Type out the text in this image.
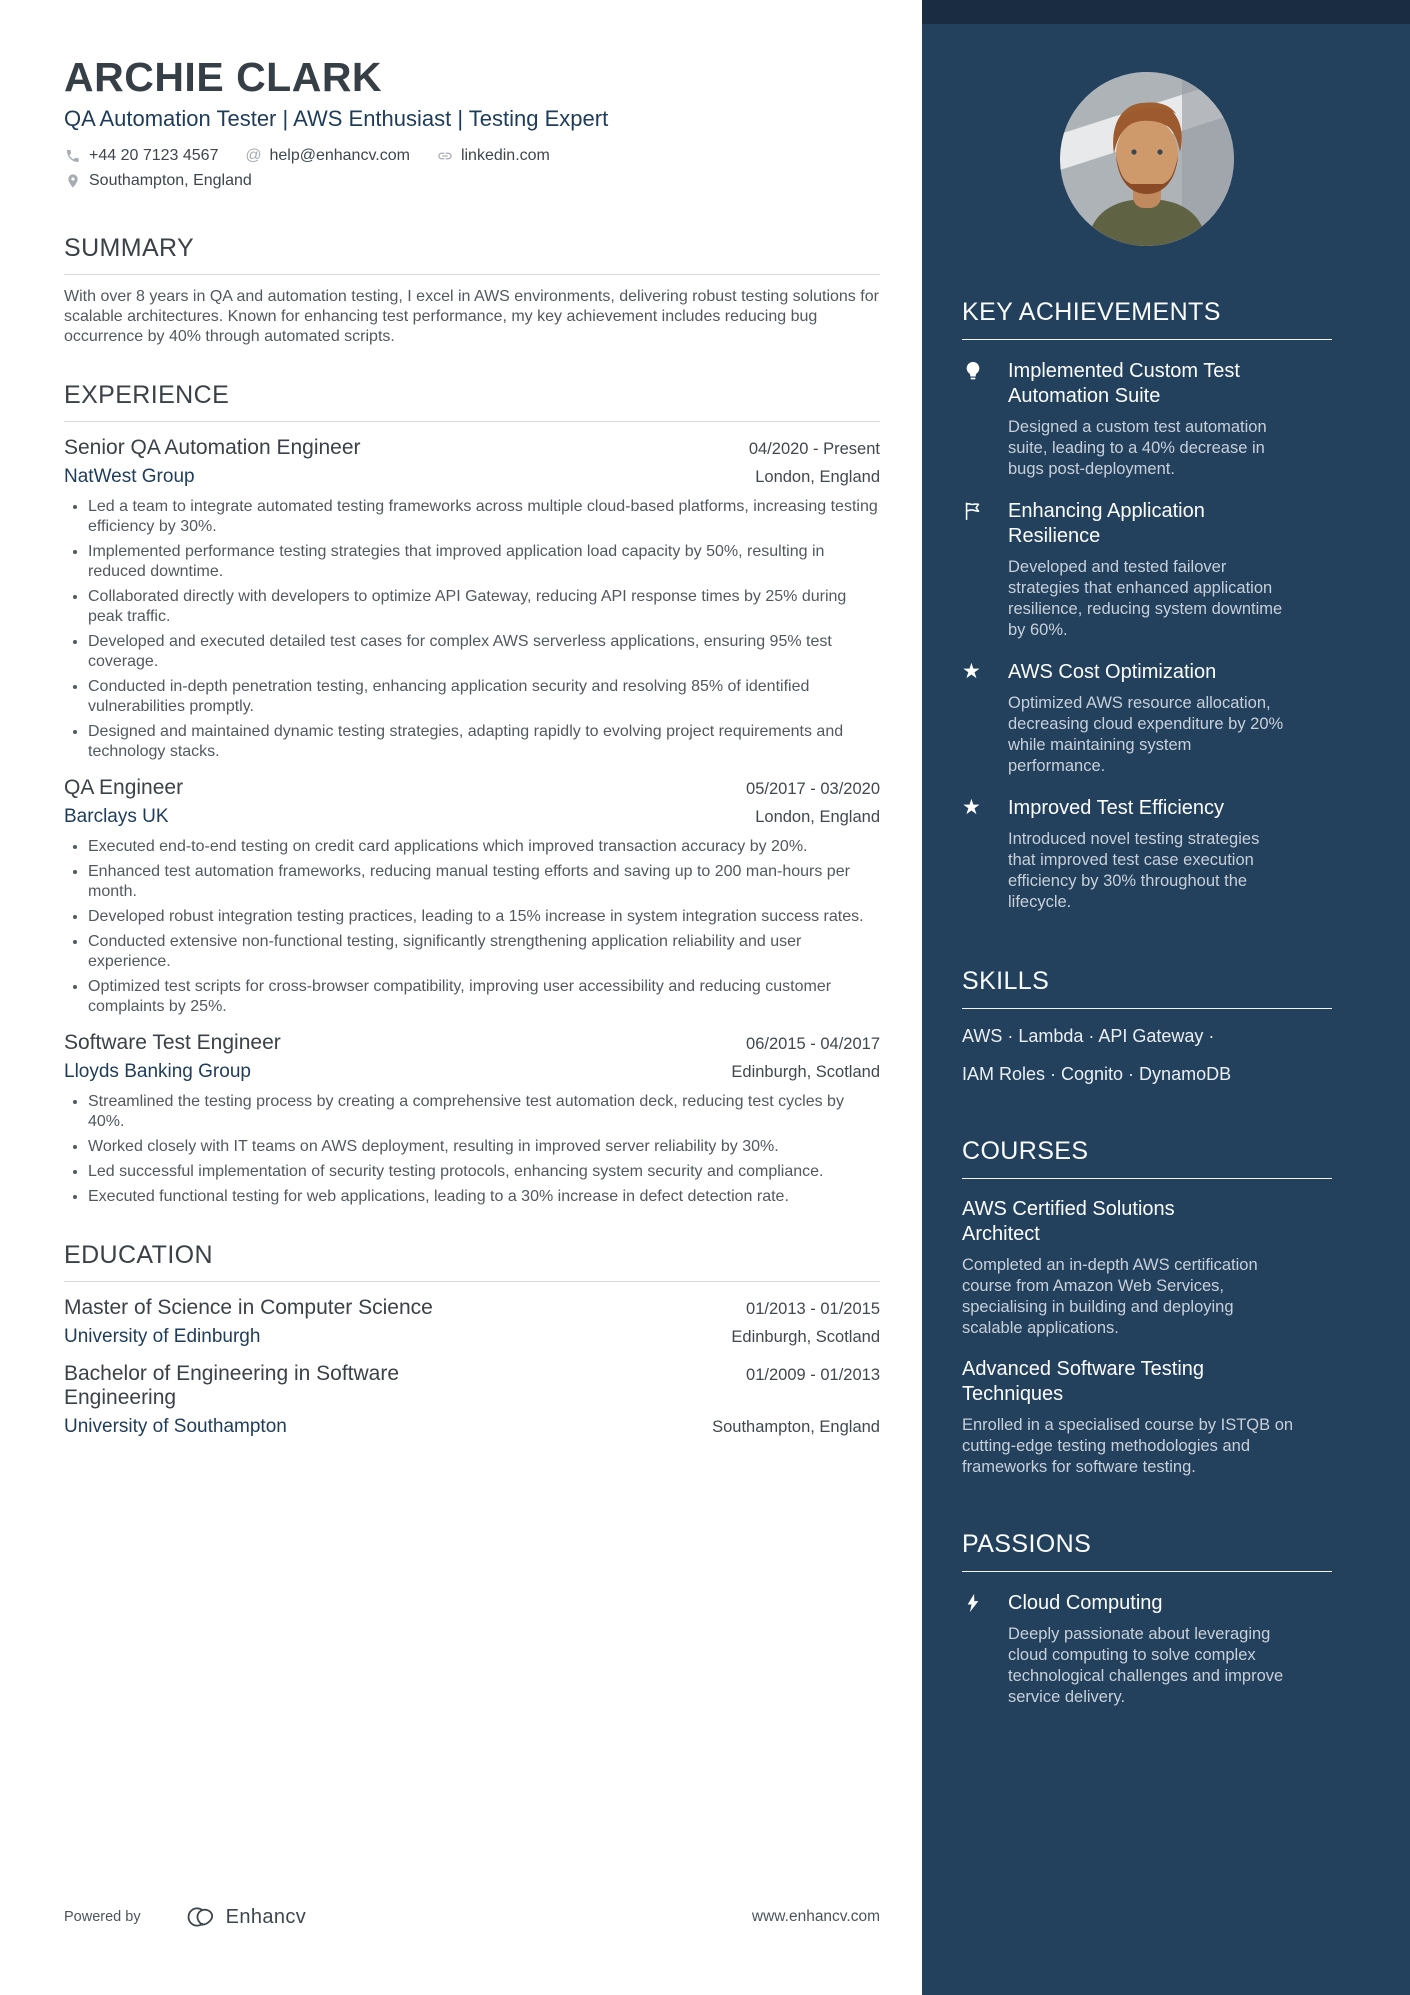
ARCHIE CLARK
QA Automation Tester | AWS Enthusiast | Testing Expert
+44 20 7123 4567 @ help@enhancv.com	linkedin.com
Southampton, England
SUMMARY

With over 8 years in QA and automation testing, I excel in AWS environments, delivering robust testing solutions for scalable architectures. Known for enhancing test performance, my key achievement includes reducing bug occurrence by 40% through automated scripts.

EXPERIENCE
Senior QA Automation Engineer	04/2020 - Present
NatWest Group	London, England
• Led a team to integrate automated testing frameworks across multiple cloud-based platforms, increasing testing efficiency by 30%.
• Implemented performance testing strategies that improved application load capacity by 50%, resulting in reduced downtime.
• Collaborated directly with developers to optimize API Gateway, reducing API response times by 25% during peak traffic.
• Developed and executed detailed test cases for complex AWS serverless applications, ensuring 95% test coverage.
• Conducted in-depth penetration testing, enhancing application security and resolving 85% of identified vulnerabilities promptly.
• Designed and maintained dynamic testing strategies, adapting rapidly to evolving project requirements and technology stacks.
QA Engineer	05/2017 - 03/2020
Barclays UK	London, England
• Executed end-to-end testing on credit card applications which improved transaction accuracy by 20%.
• Enhanced test automation frameworks, reducing manual testing efforts and saving up to 200 man-hours per month.
• Developed robust integration testing practices, leading to a 15% increase in system integration success rates.
• Conducted extensive non-functional testing, significantly strengthening application reliability and user experience.
• Optimized test scripts for cross-browser compatibility, improving user accessibility and reducing customer complaints by 25%.
Software Test Engineer	06/2015 - 04/2017
Lloyds Banking Group	Edinburgh, Scotland
• Streamlined the testing process by creating a comprehensive test automation deck, reducing test cycles by 40%.
• Worked closely with IT teams on AWS deployment, resulting in improved server reliability by 30%.
• Led successful implementation of security testing protocols, enhancing system security and compliance.
• Executed functional testing for web applications, leading to a 30% increase in defect detection rate.
EDUCATION
Master of Science in Computer Science	01/2013 - 01/2015
University of Edinburgh	Edinburgh, Scotland
Bachelor of Engineering in Software Engineering
01/2009 - 01/2013
University of Southampton	Southampton, England
Powered by	Enhancv	www.enhancv.com
KEY ACHIEVEMENTS
Implemented Custom Test Automation Suite
Designed a custom test automation suite, leading to a 40% decrease in bugs post-deployment.
Enhancing Application Resilience
Developed and tested failover strategies that enhanced application resilience, reducing system downtime by 60%.
★ AWS Cost Optimization
Optimized AWS resource allocation, decreasing cloud expenditure by 20% while maintaining system performance.
★ Improved Test Efficiency
Introduced novel testing strategies that improved test case execution efficiency by 30% throughout the lifecycle.
SKILLS

AWS · Lambda · API Gateway ·

IAM Roles · Cognito · DynamoDB

COURSES
AWS Certified Solutions Architect
Completed an in-depth AWS certification course from Amazon Web Services, specialising in building and deploying scalable applications.
Advanced Software Testing Techniques
Enrolled in a specialised course by ISTQB on cutting-edge testing methodologies and frameworks for software testing.
PASSIONS
Cloud Computing
Deeply passionate about leveraging cloud computing to solve complex technological challenges and improve service delivery.
